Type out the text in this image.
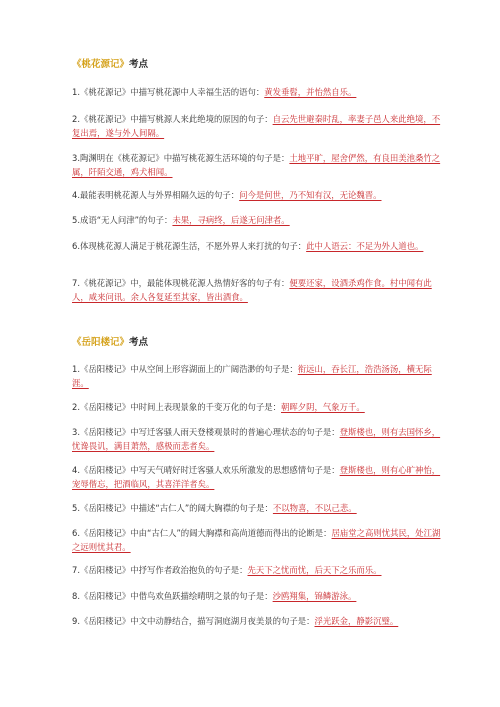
《桃花源记》考点

1.《桃花源记》中描写桃花源中人幸福生活的语句：黄发垂髫，并怡然自乐。

2.《桃花源记》中描写桃源人来此绝境的原因的句子：自云先世避秦时乱，率妻子邑人来此绝境，不复出焉，遂与外人间隔。

3.陶渊明在《桃花源记》中描写桃花源生活环境的句子是：土地平旷，屋舍俨然，有良田美池桑竹之属，阡陌交通，鸡犬相闻。

4.最能表明桃花源人与外界相隔久远的句子：问今是何世，乃不知有汉，无论魏晋。

5.成语“无人问津”的句子：未果，寻病终，后遂无问津者。

6.体现桃花源人满足于桃花源生活，不愿外界人来打扰的句子：此中人语云：不足为外人道也。

7.《桃花源记》中，最能体现桃花源人热情好客的句子有：便要还家，设酒杀鸡作食。村中闻有此人，咸来问讯。余人各复延至其家，皆出酒食。

《岳阳楼记》考点

1.《岳阳楼记》中从空间上形容湖面上的广阔浩渺的句子是：衔远山，吞长江，浩浩汤汤，横无际涯。

2.《岳阳楼记》中时间上表现景象的千变万化的句子是：朝晖夕阴，气象万千。

3.《岳阳楼记》中写迁客骚人雨天登楼观景时的普遍心理状态的句子是：登斯楼也，则有去国怀乡，忧谗畏讥，满目萧然，感极而悲者矣。

4.《岳阳楼记》中写天气晴好时迁客骚人欢乐所激发的思想感情句子是：登斯楼也，则有心旷神怡，宠辱偕忘，把酒临风，其喜洋洋者矣。

5.《岳阳楼记》中描述“古仁人”的阔大胸襟的句子是：不以物喜，不以己悲。

6.《岳阳楼记》中由“古仁人”的阔大胸襟和高尚道德而得出的论断是：居庙堂之高则忧其民，处江湖之远则忧其君。

7.《岳阳楼记》中抒写作者政治抱负的句子是：先天下之忧而忧，后天下之乐而乐。

8.《岳阳楼记》中借鸟欢鱼跃描绘晴明之景的句子是：沙鸥翔集，锦鳞游泳。

9.《岳阳楼记》中文中动静结合，描写洞庭湖月夜美景的句子是：浮光跃金，静影沉璧。
